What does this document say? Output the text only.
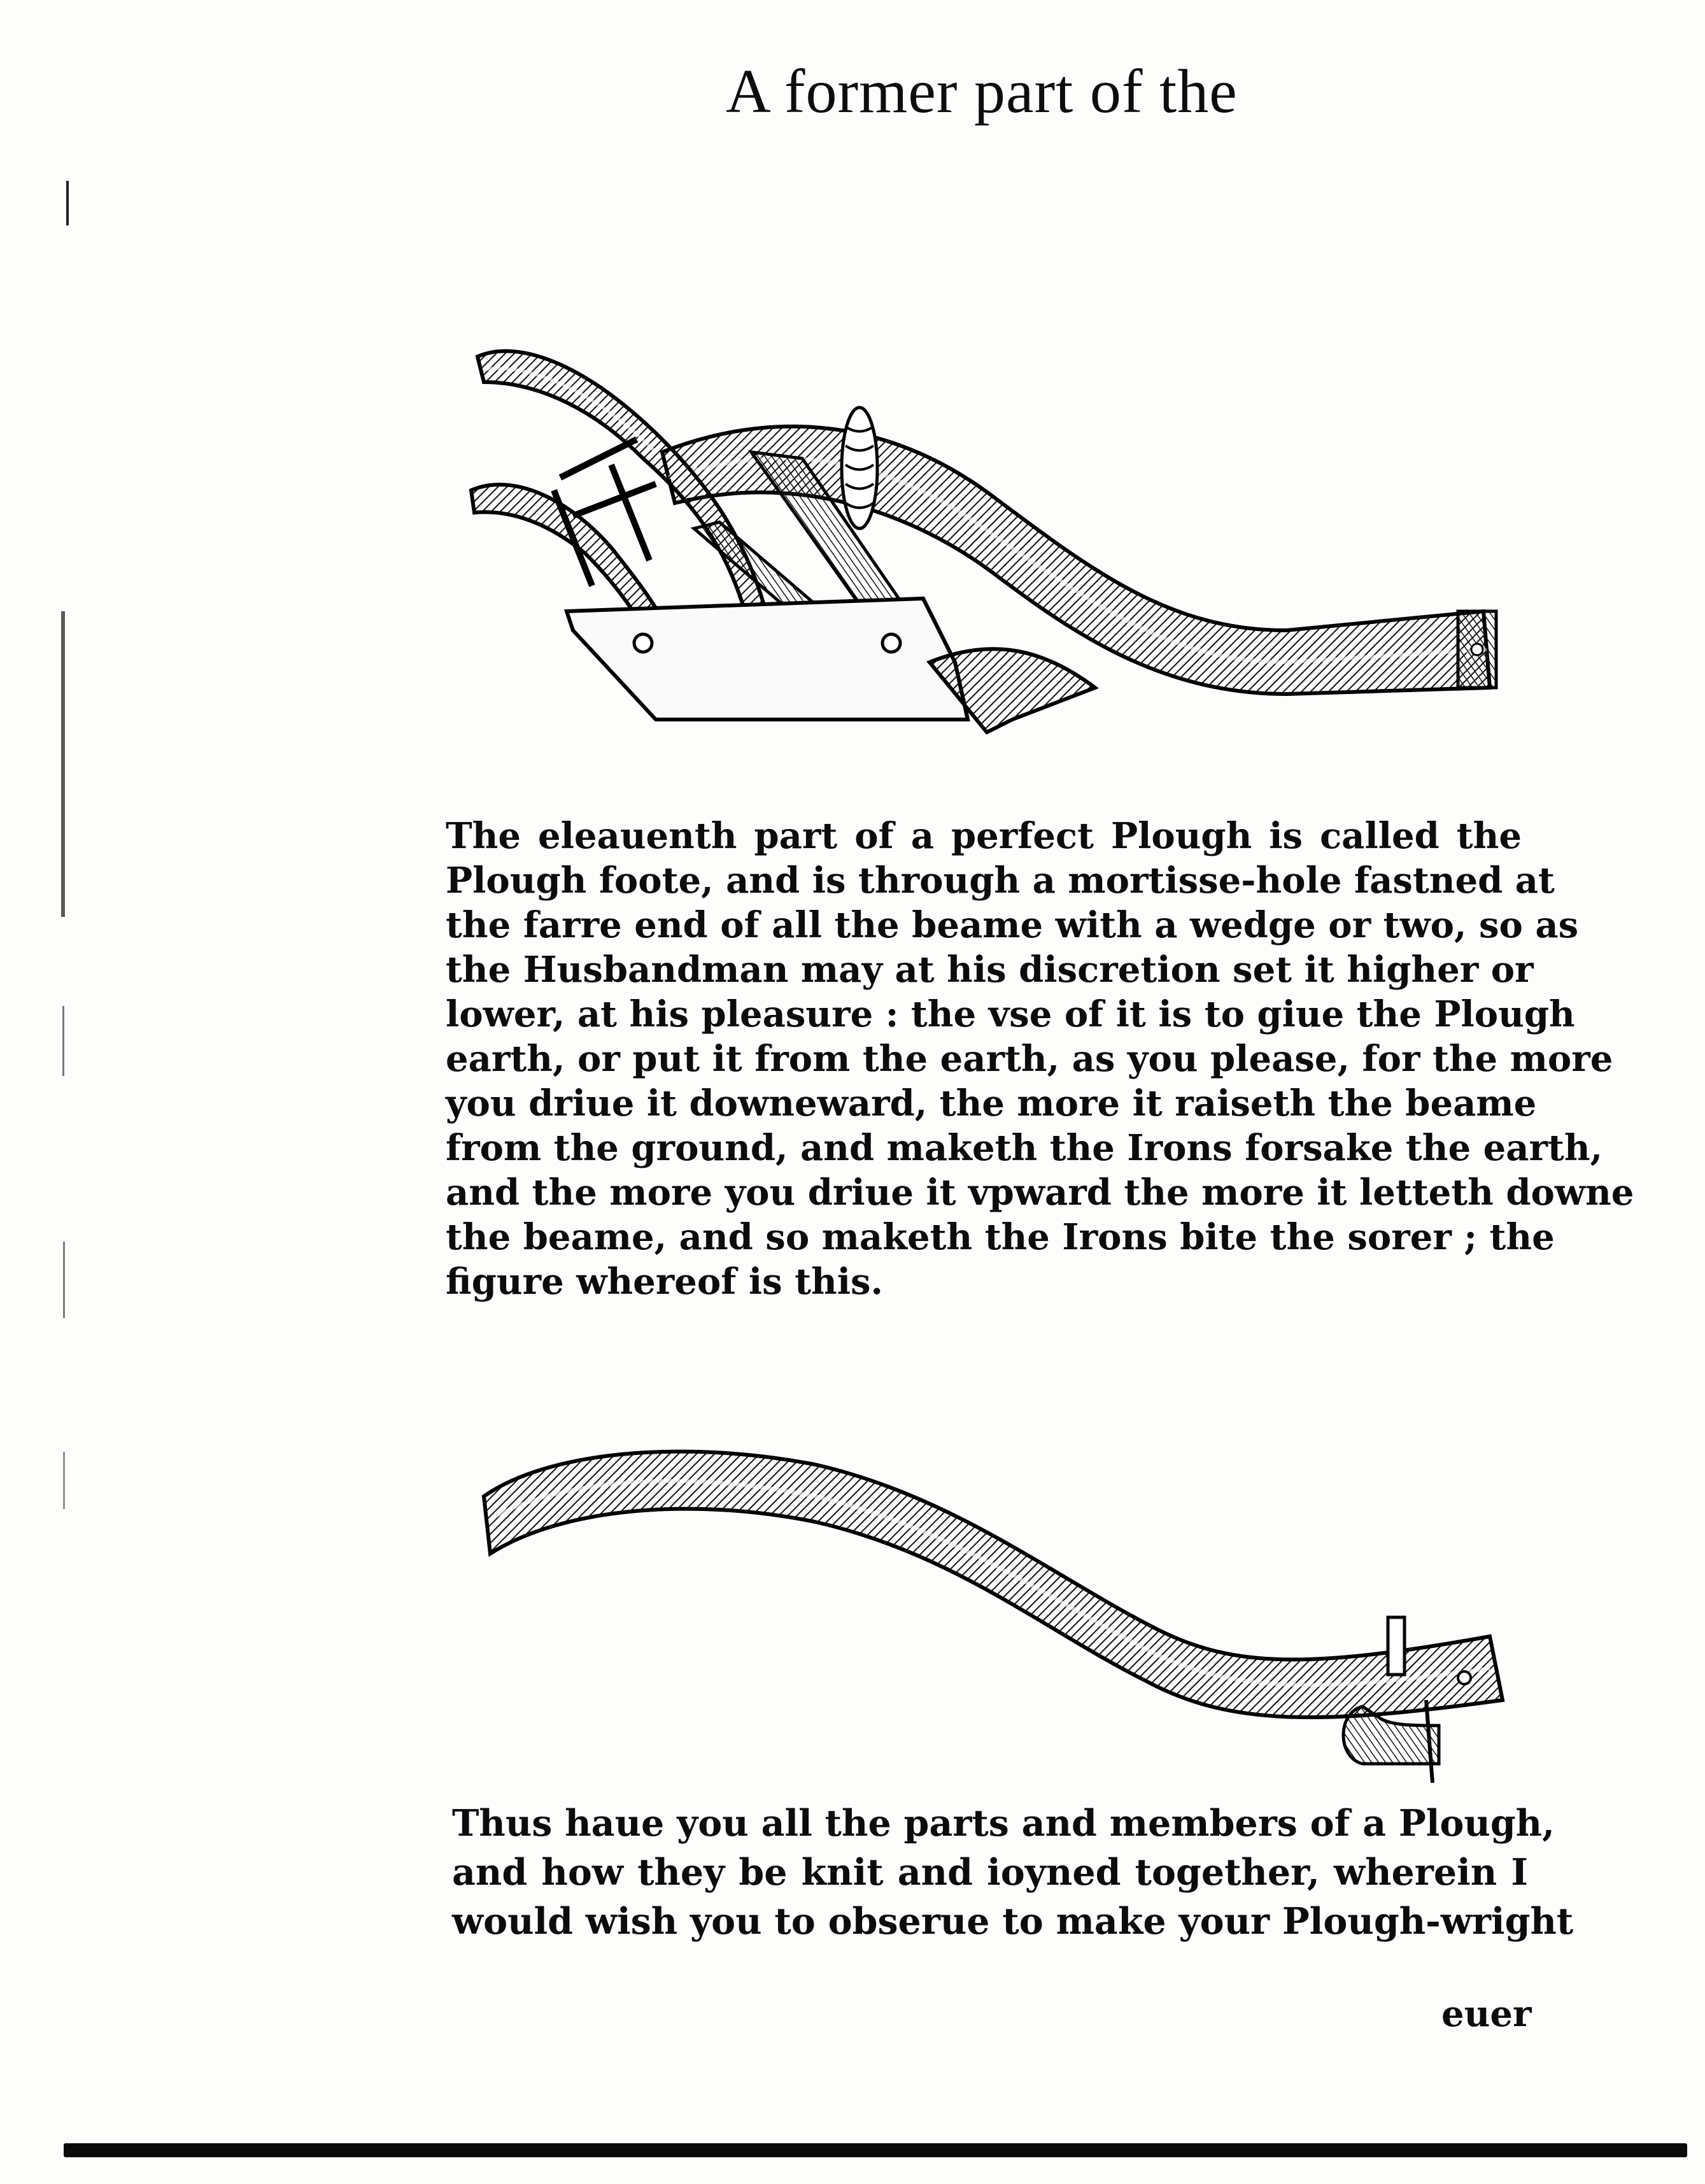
A former part of the
The eleauenth part of a perfect Plough is called the
Plough foote, and is through a mortisse-hole fastned at
the farre end of all the beame with a wedge or two, so as
the Husbandman may at his discretion set it higher or
lower, at his pleasure : the vse of it is to giue the Plough
earth, or put it from the earth, as you please, for the more
you driue it downeward, the more it raiseth the beame
from the ground, and maketh the Irons forsake the earth,
and the more you driue it vpward the more it letteth downe
the beame, and so maketh the Irons bite the sorer ; the
figure whereof is this.
Thus haue you all the parts and members of a Plough,
and how they be knit and ioyned together, wherein I
would wish you to obserue to make your Plough-wright
euer
